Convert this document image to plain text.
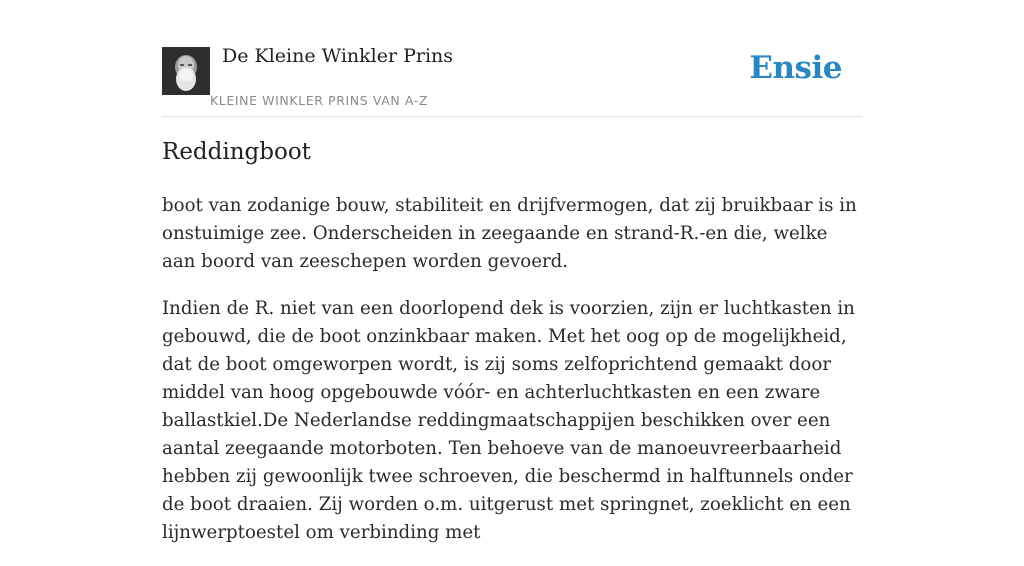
De Kleine Winkler Prins
KLEINE WINKLER PRINS VAN A-Z
Ensie
Reddingboot

boot van zodanige bouw, stabiliteit en drijfvermogen, dat zij bruikbaar is in onstuimige zee. Onderscheiden in zeegaande en strand-R.-en die, welke aan boord van zeeschepen worden gevoerd.

Indien de R. niet van een doorlopend dek is voorzien, zijn er luchtkasten in gebouwd, die de boot onzinkbaar maken. Met het oog op de mogelijkheid, dat de boot omgeworpen wordt, is zij soms zelfoprichtend gemaakt door middel van hoog opgebouwde vóór- en achterluchtkasten en een zware ballastkiel.De Nederlandse reddingmaatschappijen beschikken over een aantal zeegaande motorboten. Ten behoeve van de manoeuvreerbaarheid hebben zij gewoonlijk twee schroeven, die beschermd in halftunnels onder de boot draaien. Zij worden o.m. uitgerust met springnet, zoeklicht en een lijnwerptoestel om verbinding met
